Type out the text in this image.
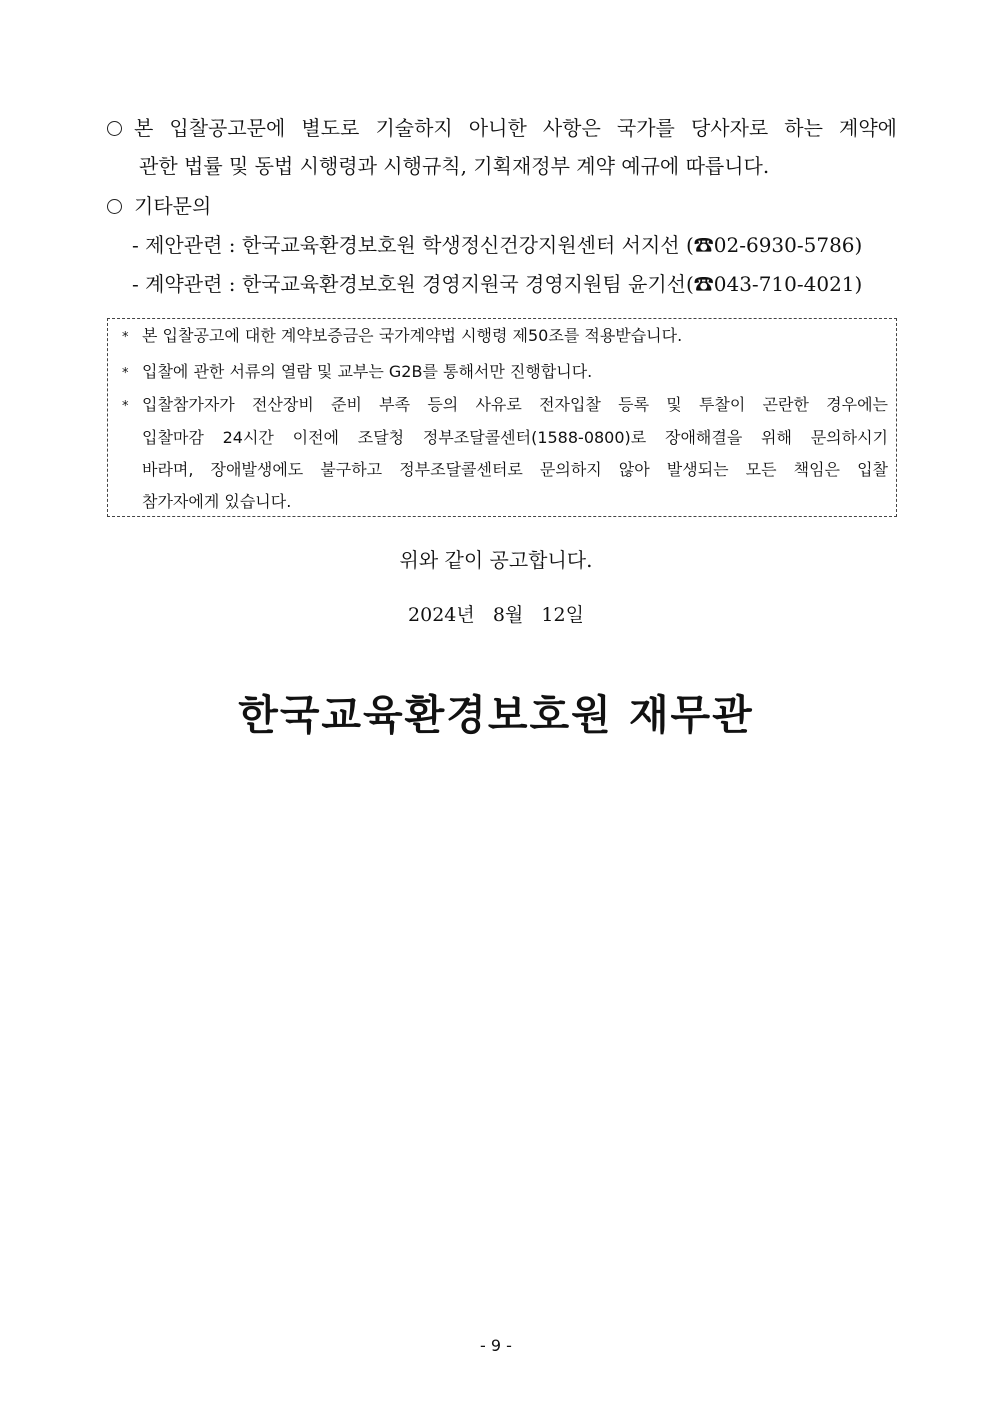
본 입찰공고문에 별도로 기술하지 아니한 사항은 국가를 당사자로 하는 계약에
관한 법률 및 동법 시행령과 시행규칙, 기획재정부 계약 예규에 따릅니다.
기타문의
- 제안관련 : 한국교육환경보호원 학생정신건강지원센터 서지선 (☎02-6930-5786)
- 계약관련 : 한국교육환경보호원 경영지원국 경영지원팀 윤기선(☎043-710-4021)
* 본 입찰공고에 대한 계약보증금은 국가계약법 시행령 제50조를 적용받습니다.
* 입찰에 관한 서류의 열람 및 교부는 G2B를 통해서만 진행합니다.
* 입찰참가자가 전산장비 준비 부족 등의 사유로 전자입찰 등록 및 투찰이 곤란한 경우에는
입찰마감 24시간 이전에 조달청 정부조달콜센터(1588-0800)로 장애해결을 위해 문의하시기
바라며, 장애발생에도 불구하고 정부조달콜센터로 문의하지 않아 발생되는 모든 책임은 입찰
참가자에게 있습니다.
위와 같이 공고합니다.
2024년   8월   12일
한국교육환경보호원 재무관
- 9 -
